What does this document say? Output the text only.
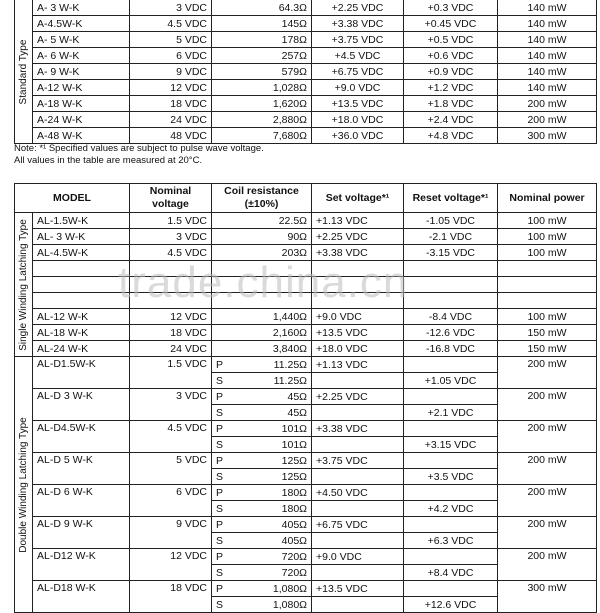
Standard Type	A- 3 W-K	3 VDC	64.3Ω	+2.25 VDC	+0.3 VDC	140 mW
	A-4.5W-K	4.5 VDC	145Ω	+3.38 VDC	+0.45 VDC	140 mW
	A- 5 W-K	5 VDC	178Ω	+3.75 VDC	+0.5 VDC	140 mW
	A- 6 W-K	6 VDC	257Ω	+4.5 VDC	+0.6 VDC	140 mW
	A- 9 W-K	9 VDC	579Ω	+6.75 VDC	+0.9 VDC	140 mW
	A-12 W-K	12 VDC	1,028Ω	+9.0 VDC	+1.2 VDC	140 mW
	A-18 W-K	18 VDC	1,620Ω	+13.5 VDC	+1.8 VDC	200 mW
	A-24 W-K	24 VDC	2,880Ω	+18.0 VDC	+2.4 VDC	200 mW
	A-48 W-K	48 VDC	7,680Ω	+36.0 VDC	+4.8 VDC	300 mW
Note: *¹ Specified values are subject to pulse wave voltage.
All values in the table are measured at 20°C.
MODEL		Nominal voltage	Coil resistance (±10%)	Set voltage*¹	Reset voltage*¹	Nominal power

Single Winding Latching Type	AL-1.5W-K	1.5 VDC	22.5Ω	+1.13 VDC	-1.05 VDC	100 mW
	AL- 3 W-K	3 VDC	90Ω	+2.25 VDC	-2.1 VDC	100 mW
	AL-4.5W-K	4.5 VDC	203Ω	+3.38 VDC	-3.15 VDC	100 mW

	AL-12 W-K	12 VDC	1,440Ω	+9.0 VDC	-8.4 VDC	100 mW
	AL-18 W-K	18 VDC	2,160Ω	+13.5 VDC	-12.6 VDC	150 mW
	AL-24 W-K	24 VDC	3,840Ω	+18.0 VDC	-16.8 VDC	150 mW

Double Winding Latching Type	AL-D1.5W-K	1.5 VDC	P 11.25Ω	+1.13 VDC		200 mW

			S 11.25Ω		+1.05 VDC	
	AL-D 3 W-K	3 VDC	P 45Ω	+2.25 VDC		200 mW

			S 45Ω		+2.1 VDC	
	AL-D4.5W-K	4.5 VDC	P 101Ω	+3.38 VDC		200 mW

			S 101Ω		+3.15 VDC	
	AL-D 5 W-K	5 VDC	P 125Ω	+3.75 VDC		200 mW

			S 125Ω		+3.5 VDC	
	AL-D 6 W-K	6 VDC	P 180Ω	+4.50 VDC		200 mW

			S 180Ω		+4.2 VDC	
	AL-D 9 W-K	9 VDC	P 405Ω	+6.75 VDC		200 mW

			S 405Ω		+6.3 VDC	
	AL-D12 W-K	12 VDC	P 720Ω	+9.0 VDC		200 mW

			S 720Ω		+8.4 VDC	
	AL-D18 W-K	18 VDC	P 1,080Ω	+13.5 VDC		300 mW

			S 1,080Ω		+12.6 VDC	
trade.china.cn
